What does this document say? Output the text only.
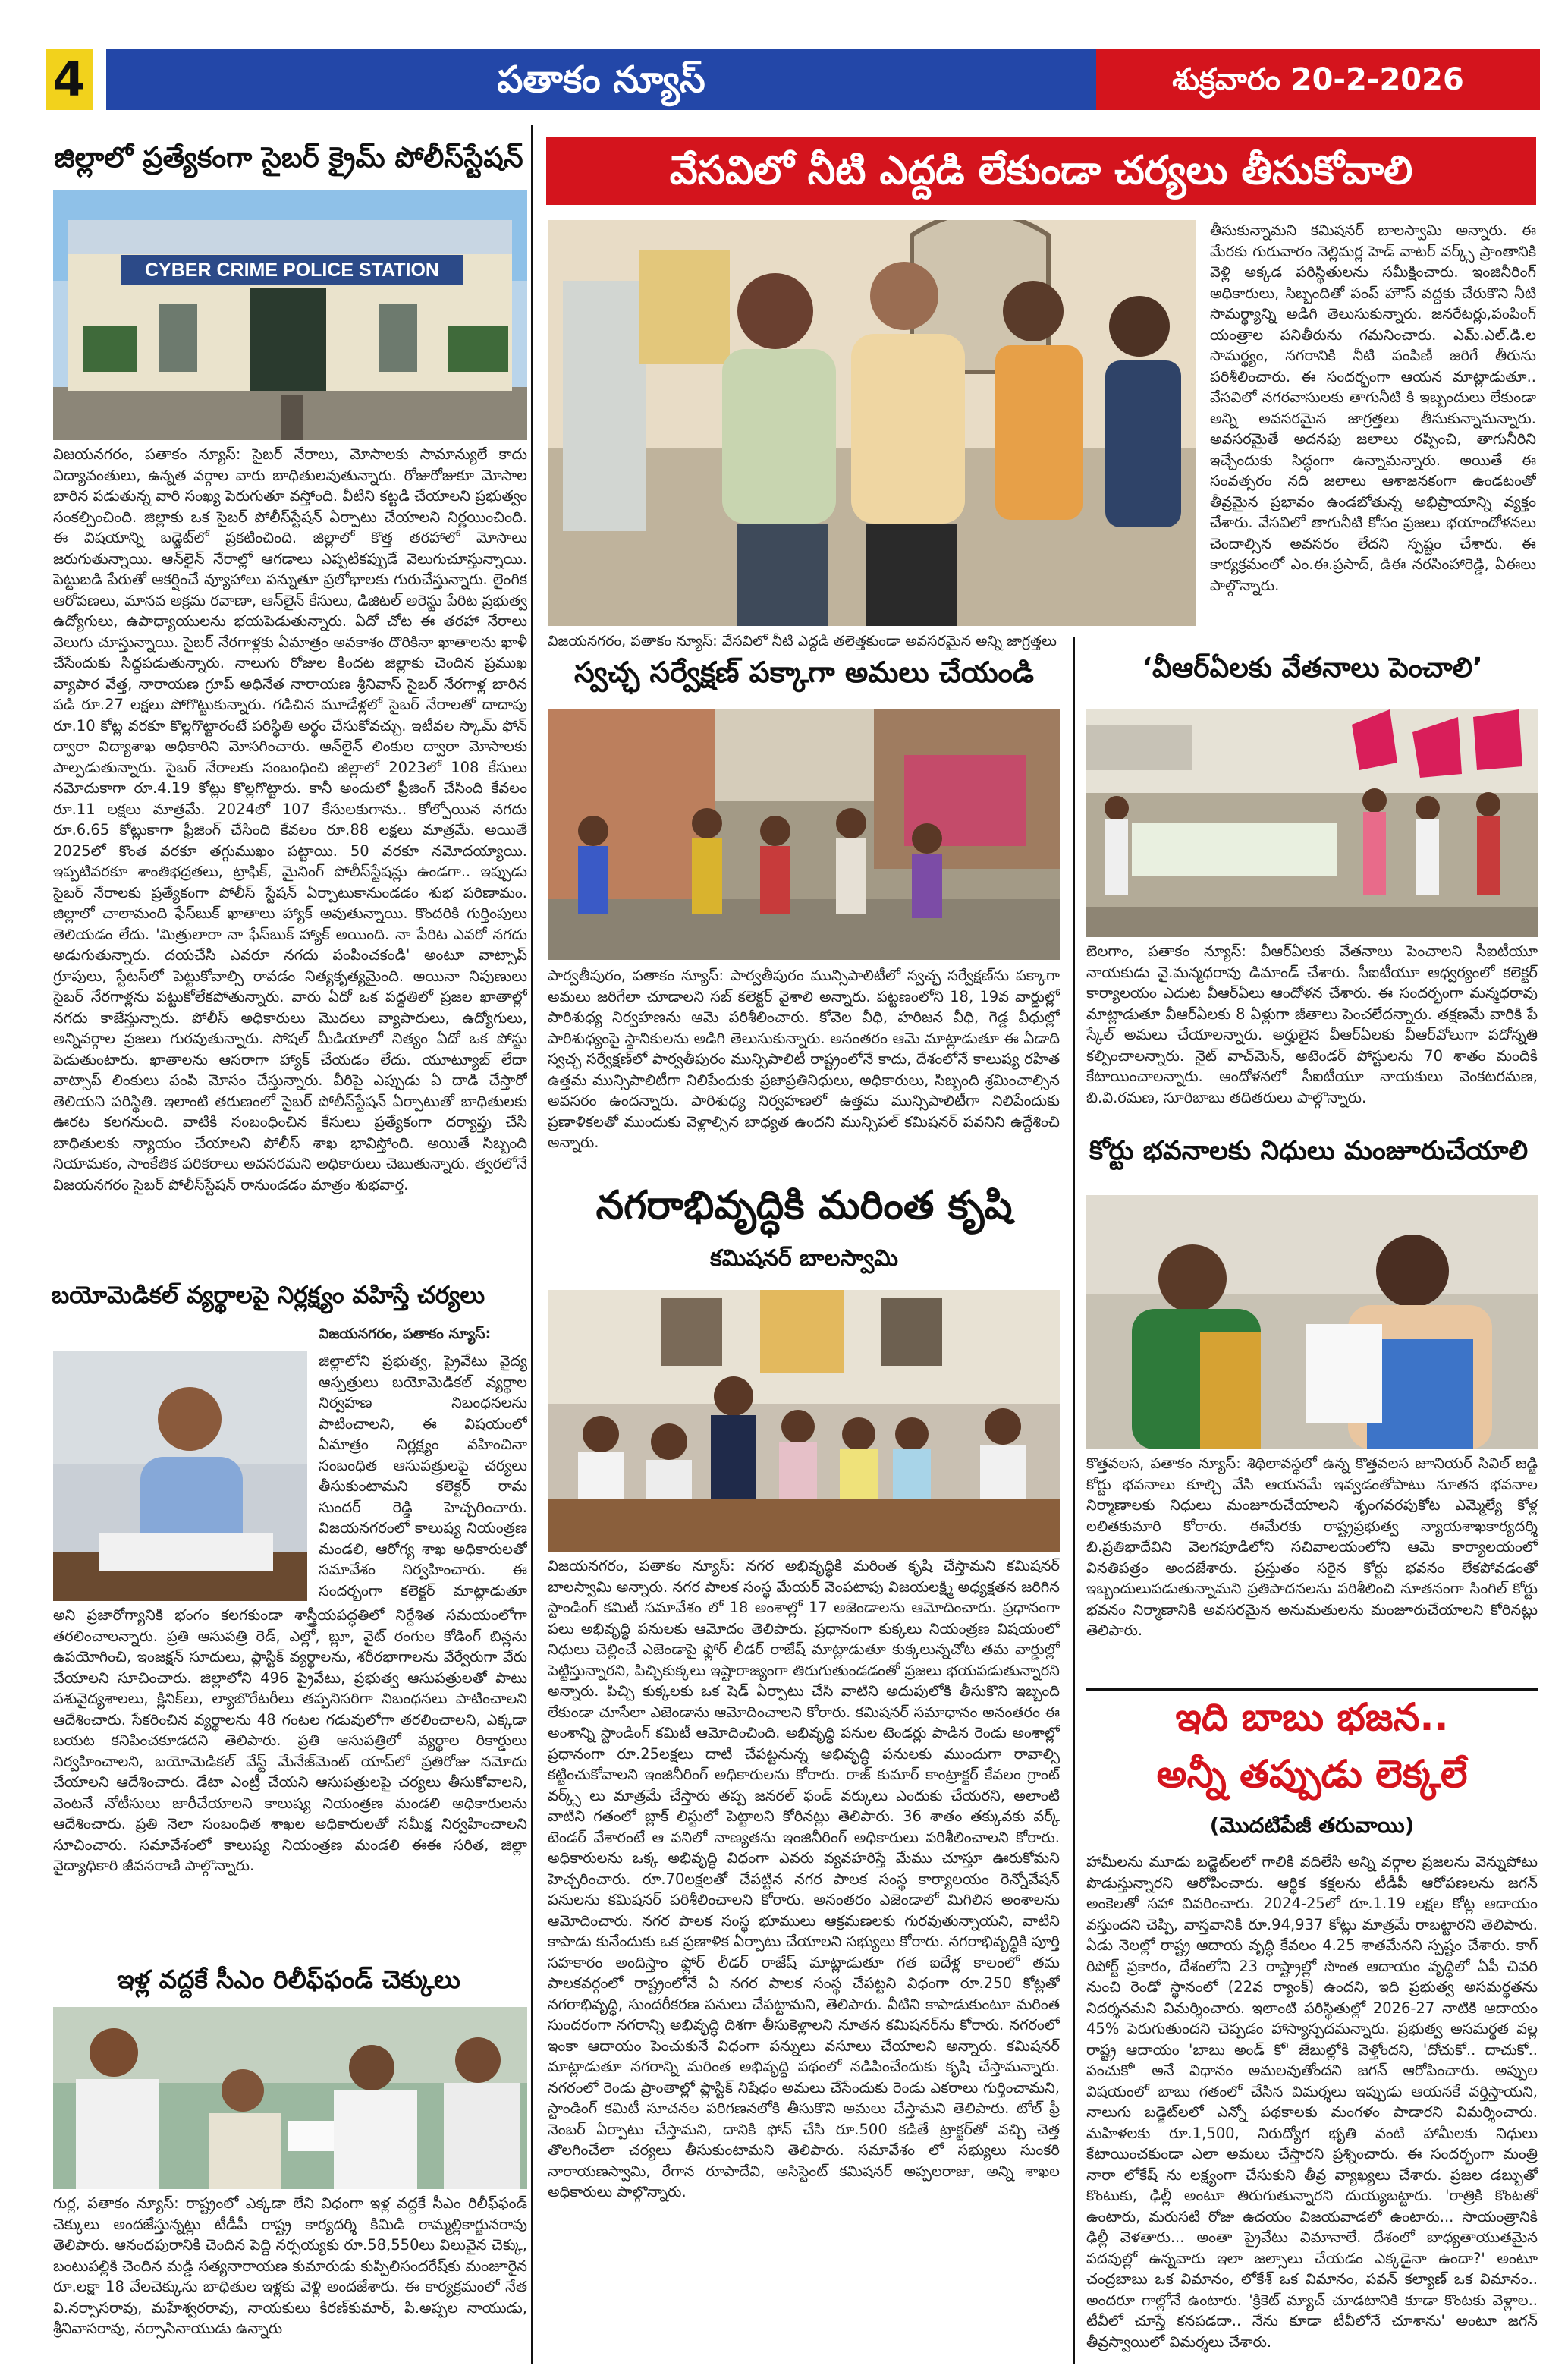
4	పతాకం న్యూస్	శుక్రవారం 20-2-2026
జిల్లాలో ప్రత్యేకంగా సైబర్ క్రైమ్ పోలీస్‌స్టేషన్
CYBER CRIME POLICE STATION
విజయనగరం, పతాకం న్యూస్: సైబర్ నేరాలు, మోసాలకు సామాన్యులే కాదు విద్యావంతులు, ఉన్నత వర్గాల వారు బాధితులవుతున్నారు. రోజురోజుకూ మోసాల బారిన పడుతున్న వారి సంఖ్య పెరుగుతూ వస్తోంది. వీటిని కట్టడి చేయాలని ప్రభుత్వం సంకల్పించింది. జిల్లాకు ఒక సైబర్ పోలీస్‌స్టేషన్ ఏర్పాటు చేయాలని నిర్ణయించింది. ఈ విషయాన్ని బడ్జెట్‌లో ప్రకటించింది. జిల్లాలో కొత్త తరహాలో మోసాలు జరుగుతున్నాయి. ఆన్‌లైన్ నేరాల్లో ఆగడాలు ఎప్పటికప్పుడే వెలుగుచూస్తున్నాయి. పెట్టుబడి పేరుతో ఆకర్షించే వ్యూహాలు పన్నుతూ ప్రలోభాలకు గురుచేస్తున్నారు. లైంగిక ఆరోపణలు, మానవ అక్రమ రవాణా, ఆన్‌లైన్ కేసులు, డిజిటల్ అరెస్టు పేరిట ప్రభుత్వ ఉద్యోగులు, ఉపాధ్యాయులను భయపెడుతున్నారు. ఏదో చోట ఈ తరహా నేరాలు వెలుగు చూస్తున్నాయి. సైబర్ నేరగాళ్లకు ఏమాత్రం అవకాశం దొరికినా ఖాతాలను ఖాళీ చేసేందుకు సిద్ధపడుతున్నారు. నాలుగు రోజుల కిందట జిల్లాకు చెందిన ప్రముఖ వ్యాపార వేత్త, నారాయణ గ్రూప్ అధినేత నారాయణ శ్రీనివాస్ సైబర్ నేరగాళ్ల బారిన పడి రూ.27 లక్షలు పోగొట్టుకున్నారు. గడిచిన మూడేళ్లలో సైబర్ నేరాలతో దాదాపు రూ.10 కోట్ల వరకూ కొల్లగొట్టారంటే పరిస్థితి అర్థం చేసుకోవచ్చు. ఇటీవల స్కామ్ ఫోన్ ద్వారా విద్యాశాఖ అధికారిని మోసగించారు. ఆన్‌లైన్ లింకుల ద్వారా మోసాలకు పాల్పడుతున్నారు. సైబర్ నేరాలకు సంబంధించి జిల్లాలో 2023లో 108 కేసులు నమోదుకాగా రూ.4.19 కోట్లు కొల్లగొట్టారు. కానీ అందులో ఫ్రీజింగ్ చేసింది కేవలం రూ.11 లక్షలు మాత్రమే. 2024లో 107 కేసులకుగాను.. కోల్పోయిన నగదు రూ.6.65 కోట్లుకాగా ఫ్రీజింగ్ చేసింది కేవలం రూ.88 లక్షలు మాత్రమే. అయితే 2025లో కొంత వరకూ తగ్గుముఖం పట్టాయి. 50 వరకూ నమోదయ్యాయి. ఇప్పటివరకూ శాంతిభద్రతలు, ట్రాఫిక్, మైనింగ్ పోలీస్‌స్టేషన్లు ఉండగా.. ఇప్పుడు సైబర్ నేరాలకు ప్రత్యేకంగా పోలీస్ స్టేషన్ ఏర్పాటుకానుండడం శుభ పరిణామం. జిల్లాలో చాలామంది ఫేస్‌బుక్ ఖాతాలు హ్యాక్ అవుతున్నాయి. కొందరికి గుర్తింపులు తెలియడం లేదు. 'మిత్రులారా నా ఫేస్‌బుక్ హ్యాక్ అయింది. నా పేరిట ఎవరో నగదు అడుగుతున్నారు. దయచేసి ఎవరూ నగదు పంపించకండి' అంటూ వాట్సాప్ గ్రూపులు, స్టేటస్‌లో పెట్టుకోవాల్సి రావడం నిత్యకృత్యమైంది. అయినా నిపుణులు సైబర్ నేరగాళ్లను పట్టుకోలేకపోతున్నారు. వారు ఏదో ఒక పద్ధతిలో ప్రజల ఖాతాల్లో నగదు కాజేస్తున్నారు. పోలీస్ అధికారులు మొదలు వ్యాపారులు, ఉద్యోగులు, అన్నివర్గాల ప్రజలు గురవుతున్నారు. సోషల్ మీడియాలో నిత్యం ఏదో ఒక పోస్టు పెడుతుంటారు. ఖాతాలను ఆసరాగా హ్యాక్ చేయడం లేదు. యూట్యూబ్ లేదా వాట్సాప్ లింకులు పంపి మోసం చేస్తున్నారు. వీరిపై ఎప్పుడు ఏ దాడి చేస్తారో తెలియని పరిస్థితి. ఇలాంటి తరుణంలో సైబర్ పోలీస్‌స్టేషన్ ఏర్పాటుతో బాధితులకు ఊరట కలగనుంది. వాటికి సంబంధించిన కేసులు ప్రత్యేకంగా దర్యాప్తు చేసి బాధితులకు న్యాయం చేయాలని పోలీస్ శాఖ భావిస్తోంది. అయితే సిబ్బంది నియామకం, సాంకేతిక పరికరాలు అవసరమని అధికారులు చెబుతున్నారు. త్వరలోనే విజయనగరం సైబర్ పోలీస్‌స్టేషన్ రానుండడం మాత్రం శుభవార్త.
బయోమెడికల్ వ్యర్థాలపై నిర్లక్ష్యం వహిస్తే చర్యలు
విజయనగరం, పతాకం న్యూస్:
జిల్లాలోని ప్రభుత్వ, ప్రైవేటు వైద్య ఆస్పత్రులు బయోమెడికల్ వ్యర్థాల నిర్వహణ నిబంధనలను పాటించాలని, ఈ విషయంలో ఏమాత్రం నిర్లక్ష్యం వహించినా సంబంధిత ఆసుపత్రులపై చర్యలు తీసుకుంటామని కలెక్టర్ రామ సుందర్ రెడ్డి హెచ్చరించారు. విజయనగరంలో కాలుష్య నియంత్రణ మండలి, ఆరోగ్య శాఖ అధికారులతో సమావేశం నిర్వహించారు. ఈ సందర్భంగా కలెక్టర్ మాట్లాడుతూ
అని ప్రజారోగ్యానికి భంగం కలగకుండా శాస్త్రీయపద్ధతిలో నిర్దేశిత సమయంలోగా తరలించాలన్నారు. ప్రతి ఆసుపత్రి రెడ్, ఎల్లో, బ్లూ, వైట్ రంగుల కోడింగ్ బిన్లను ఉపయోగించి, ఇంజక్షన్ సూదులు, ప్లాస్టిక్ వ్యర్థాలను, శరీరభాగాలను వేర్వేరుగా వేరు చేయాలని సూచించారు. జిల్లాలోని 496 ప్రైవేటు, ప్రభుత్వ ఆసుపత్రులతో పాటు పశువైద్యశాలలు, క్లినిక్‌లు, ల్యాబొరేటరీలు తప్పనిసరిగా నిబంధనలు పాటించాలని ఆదేశించారు. సేకరించిన వ్యర్థాలను 48 గంటల గడువులోగా తరలించాలని, ఎక్కడా బయట కనిపించకూడదని తెలిపారు. ప్రతి ఆసుపత్రిలో వ్యర్థాల రికార్డులు నిర్వహించాలని, బయోమెడికల్ వేస్ట్ మేనేజ్‌మెంట్ యాప్‌లో ప్రతిరోజు నమోదు చేయాలని ఆదేశించారు. డేటా ఎంట్రీ చేయని ఆసుపత్రులపై చర్యలు తీసుకోవాలని, వెంటనే నోటీసులు జారీచేయాలని కాలుష్య నియంత్రణ మండలి అధికారులను ఆదేశించారు. ప్రతి నెలా సంబంధిత శాఖల అధికారులతో సమీక్ష నిర్వహించాలని సూచించారు. సమావేశంలో కాలుష్య నియంత్రణ మండలి ఈఈ సరిత, జిల్లా వైద్యాధికారి జీవనరాణి పాల్గొన్నారు.
ఇళ్ల వద్దకే సీఎం రిలీఫ్‌ఫండ్ చెక్కులు
గుర్ల, పతాకం న్యూస్: రాష్ట్రంలో ఎక్కడా లేని విధంగా ఇళ్ల వద్దకే సీఎం రిలీఫ్‌ఫండ్ చెక్కులు అందజేస్తున్నట్లు టీడీపీ రాష్ట్ర కార్యదర్శి కిమిడి రామ్మల్లికార్జునరావు తెలిపారు. ఆనందపురానికి చెందిన పెద్ది నర్సయ్యకు రూ.58,550లు విలువైన చెక్కు, బంటుపల్లికి చెందిన మడ్డి సత్యనారాయణ కుమారుడు కుప్పిలిసందరేష్‌కు మంజూరైన రూ.లక్షా 18 వేలచెక్కును బాధితుల ఇళ్లకు వెళ్లి అందజేశారు. ఈ కార్యక్రమంలో నేత వి.నర్సాసరావు, మహేశ్వరరావు, నాయకులు కిరణ్‌కుమార్, పి.అప్పల నాయుడు, శ్రీనివాసరావు, నర్సాసినాయుడు ఉన్నారు
వేసవిలో నీటి ఎద్దడి లేకుండా చర్యలు తీసుకోవాలి
విజయనగరం, పతాకం న్యూస్: వేసవిలో నీటి ఎద్దడి తలెత్తకుండా అవసరమైన అన్ని జాగ్రత్తలు
తీసుకున్నామని కమిషనర్ బాలస్వామి అన్నారు. ఈ మేరకు గురువారం నెల్లిమర్ల హెడ్ వాటర్ వర్క్స్ ప్రాంతానికి వెళ్లి అక్కడ పరిస్థితులను సమీక్షించారు. ఇంజినీరింగ్ అధికారులు, సిబ్బందితో పంప్ హౌస్ వద్దకు చేరుకొని నీటి సామర్థ్యాన్ని అడిగి తెలుసుకున్నారు. జనరేటర్లు,పంపింగ్ యంత్రాల పనితీరును గమనించారు. ఎమ్.ఎల్.డి.ల సామర్థ్యం, నగరానికి నీటి పంపిణీ జరిగే తీరును పరిశీలించారు. ఈ సందర్భంగా ఆయన మాట్లాడుతూ.. వేసవిలో నగరవాసులకు తాగునీటి కి ఇబ్బందులు లేకుండా అన్ని అవసరమైన జాగ్రత్తలు తీసుకున్నామన్నారు. అవసరమైతే అదనపు జలాలు రప్పించి, తాగునీరిని ఇచ్చేందుకు సిద్ధంగా ఉన్నామన్నారు. అయితే ఈ సంవత్సరం నది జలాలు ఆశాజనకంగా ఉండటంతో తీవ్రమైన ప్రభావం ఉండబోతున్న అభిప్రాయాన్ని వ్యక్తం చేశారు. వేసవిలో తాగునీటి కోసం ప్రజలు భయాందోళనలు చెందాల్సిన అవసరం లేదని స్పష్టం చేశారు. ఈ కార్యక్రమంలో ఎం.ఈ.ప్రసాద్, డిఈ నరసింహారెడ్డి, ఏఈలు పాల్గొన్నారు.
స్వచ్ఛ సర్వేక్షణ్ పక్కాగా అమలు చేయండి
పార్వతీపురం, పతాకం న్యూస్: పార్వతీపురం మున్సిపాలిటీలో స్వచ్ఛ సర్వేక్షణ్‌ను పక్కాగా అమలు జరిగేలా చూడాలని సబ్ కలెక్టర్ వైశాలి అన్నారు. పట్టణంలోని 18, 19వ వార్డుల్లో పారిశుధ్య నిర్వహణను ఆమె పరిశీలించారు. కోవెల వీధి, హరిజన వీధి, గెడ్డ వీధుల్లో పారిశుధ్యంపై స్థానికులను అడిగి తెలుసుకున్నారు. అనంతరం ఆమె మాట్లాడుతూ ఈ ఏడాది స్వచ్ఛ సర్వేక్షణ్‌లో పార్వతీపురం మున్సిపాలిటీ రాష్ట్రంలోనే కాదు, దేశంలోనే కాలుష్య రహిత ఉత్తమ మున్సిపాలిటీగా నిలిపేందుకు ప్రజాప్రతినిధులు, అధికారులు, సిబ్బంది శ్రమించాల్సిన అవసరం ఉందన్నారు. పారిశుధ్య నిర్వహణలో ఉత్తమ మున్సిపాలిటీగా నిలిపేందుకు ప్రణాళికలతో ముందుకు వెళ్లాల్సిన బాధ్యత ఉందని మున్సిపల్ కమిషనర్ పవనిని ఉద్దేశించి అన్నారు.
నగరాభివృద్ధికి మరింత కృషి
కమిషనర్ బాలస్వామి
విజయనగరం, పతాకం న్యూస్: నగర అభివృద్ధికి మరింత కృషి చేస్తామని కమిషనర్ బాలస్వామి అన్నారు. నగర పాలక సంస్థ మేయర్ వెంపటాపు విజయలక్ష్మి అధ్యక్షతన జరిగిన స్టాండింగ్ కమిటీ సమావేశం లో 18 అంశాల్లో 17 అజెండాలను ఆమోదించారు. ప్రధానంగా పలు అభివృద్ధి పనులకు ఆమోదం తెలిపారు. ప్రధానంగా కుక్కలు నియంత్రణ విషయంలో నిధులు చెల్లించే ఎజెండాపై ఫ్లోర్ లీడర్ రాజేష్ మాట్లాడుతూ కుక్కలున్నచోట తమ వార్డుల్లో పెట్టిస్తున్నారని, పిచ్చికుక్కలు ఇష్టారాజ్యంగా తిరుగుతుండడంతో ప్రజలు భయపడుతున్నారని అన్నారు. పిచ్చి కుక్కలకు ఒక షెడ్ ఏర్పాటు చేసి వాటిని అదుపులోకి తీసుకొని ఇబ్బంది లేకుండా చూసేలా ఎజెండాను ఆమోదించాలని కోరారు. కమిషనర్ సమాధానం అనంతరం ఈ అంశాన్ని స్టాండింగ్ కమిటీ ఆమోదించింది. అభివృద్ధి పనుల టెండర్లు పాడిన రెండు అంశాల్లో ప్రధానంగా రూ.25లక్షలు దాటి చేపట్టనున్న అభివృద్ధి పనులకు ముందుగా రావాల్సి కట్టించుకోవాలని ఇంజినీరింగ్ అధికారులను కోరారు. రాజ్ కుమార్ కాంట్రాక్టర్ కేవలం గ్రాంట్ వర్క్స్ లు మాత్రమే చేస్తారు తప్ప జనరల్ ఫండ్ వర్కులు ఎందుకు చేయరని, అలాంటి వాటిని గతంలో బ్లాక్ లిస్టులో పెట్టాలని కోరినట్లు తెలిపారు. 36 శాతం తక్కువకు వర్క్ టెండర్ వేశారంటే ఆ పనిలో నాణ్యతను ఇంజినీరింగ్ అధికారులు పరిశీలించాలని కోరారు. అధికారులను ఒక్క అభివృద్ధి విధంగా ఎవరు వ్యవహరిస్తే మేము చూస్తూ ఊరుకోమని హెచ్చరించారు. రూ.70లక్షలతో చేపట్టిన నగర పాలక సంస్థ కార్యాలయం రెన్నోవేషన్ పనులను కమిషనర్ పరిశీలించాలని కోరారు. అనంతరం ఎజెండాలో మిగిలిన అంశాలను ఆమోదించారు. నగర పాలక సంస్థ భూములు ఆక్రమణలకు గురవుతున్నాయని, వాటిని కాపాడు కునేందుకు ఒక ప్రణాళిక ఏర్పాటు చేయాలని సభ్యులు కోరారు. నగరాభివృద్ధికి పూర్తి సహకారం అందిస్తాం ఫ్లోర్ లీడర్ రాజేష్ మాట్లాడుతూ గత ఐదేళ్ల కాలంలో తమ పాలకవర్గంలో రాష్ట్రంలోనే ఏ నగర పాలక సంస్థ చేపట్టని విధంగా రూ.250 కోట్లతో నగరాభివృద్ధి, సుందరీకరణ పనులు చేపట్టామని, తెలిపారు. వీటిని కాపాడుకుంటూ మరింత సుందరంగా నగరాన్ని అభివృద్ధి దిశగా తీసుకెళ్లాలని నూతన కమిషనర్‌ను కోరారు. నగరంలో ఇంకా ఆదాయం పెంచుకునే విధంగా పన్నులు వసూలు చేయాలని అన్నారు. కమిషనర్ మాట్లాడుతూ నగరాన్ని మరింత అభివృద్ధి పథంలో నడిపించేందుకు కృషి చేస్తామన్నారు. నగరంలో రెండు ప్రాంతాల్లో ప్లాస్టిక్ నిషేధం అమలు చేసేందుకు రెండు ఎకరాలు గుర్తించామని, స్టాండింగ్ కమిటీ సూచనల పరిగణనలోకి తీసుకొని అమలు చేస్తామని తెలిపారు. టోల్ ఫ్రీ నెంబర్ ఏర్పాటు చేస్తామని, దానికి ఫోన్ చేసి రూ.500 కడితే ట్రాక్టర్‌తో వచ్చి చెత్త తొలగించేలా చర్యలు తీసుకుంటామని తెలిపారు. సమావేశం లో సభ్యులు సుంకరి నారాయణస్వామి, రేగాన రూపాదేవి, అసిస్టెంట్ కమిషనర్ అప్పలరాజు, అన్ని శాఖల అధికారులు పాల్గొన్నారు.
‘వీఆర్‌ఏలకు వేతనాలు పెంచాలి’
బెలగాం, పతాకం న్యూస్: వీఆర్‌ఏలకు వేతనాలు పెంచాలని సీఐటీయూ నాయకుడు వై.మన్మధరావు డిమాండ్ చేశారు. సీఐటీయూ ఆధ్వర్యంలో కలెక్టర్ కార్యాలయం ఎదుట వీఆర్‌ఏలు ఆందోళన చేశారు. ఈ సందర్భంగా మన్మధరావు మాట్లాడుతూ వీఆర్‌ఏలకు 8 ఏళ్లుగా జీతాలు పెంచలేదన్నారు. తక్షణమే వారికి పే స్కేల్ అమలు చేయాలన్నారు. అర్హులైన వీఆర్‌ఏలకు వీఆర్‌వోలుగా పదోన్నతి కల్పించాలన్నారు. నైట్ వాచ్‌మెన్, అటెండర్ పోస్టులను 70 శాతం మందికి కేటాయించాలన్నారు. ఆందోళనలో సీఐటీయూ నాయకులు వెంకటరమణ, బి.వి.రమణ, సూరిబాబు తదితరులు పాల్గొన్నారు.
కోర్టు భవనాలకు నిధులు మంజూరుచేయాలి
కొత్తవలస, పతాకం న్యూస్: శిథిలావస్థలో ఉన్న కొత్తవలస జూనియర్ సివిల్ జడ్జి కోర్టు భవనాలు కూల్చి వేసి ఆయనమే ఇవ్వడంతోపాటు నూతన భవనాల నిర్మాణాలకు నిధులు మంజూరుచేయాలని శృంగవరపుకోట ఎమ్మెల్యే కోళ్ల లలితకుమారి కోరారు. ఈమేరకు రాష్ట్రప్రభుత్వ న్యాయశాఖకార్యదర్శి బి.ప్రతిభాదేవిని వెలగపూడిలోని సచివాలయంలోని ఆమె కార్యాలయంలో వినతిపత్రం అందజేశారు. ప్రస్తుతం సరైన కోర్టు భవనం లేకపోవడంతో ఇబ్బందులుపడుతున్నామని ప్రతిపాదనలను పరిశీలించి నూతనంగా సింగిల్ కోర్టు భవనం నిర్మాణానికి అవసరమైన అనుమతులను మంజూరుచేయాలని కోరినట్లు తెలిపారు.
ఇది బాబు భజన..
అన్నీ తప్పుడు లెక్కలే
(మొదటిపేజీ తరువాయి)
హామీలను మూడు బడ్జెట్‌లలో గాలికి వదిలేసి అన్ని వర్గాల ప్రజలను వెన్నుపోటు పొడుస్తున్నారని ఆరోపించారు. ఆర్థిక కక్షలను టీడీపీ ఆరోపణలను జగన్ అంకెలతో సహా వివరించారు. 2024-25లో రూ.1.19 లక్షల కోట్ల ఆదాయం వస్తుందని చెప్పి, వాస్తవానికి రూ.94,937 కోట్లు మాత్రమే రాబట్టారని తెలిపారు. ఏడు నెలల్లో రాష్ట్ర ఆదాయ వృద్ధి కేవలం 4.25 శాతమేనని స్పష్టం చేశారు. కాగ్ రిపోర్ట్ ప్రకారం, దేశంలోని 23 రాష్ట్రాల్లో సొంత ఆదాయం వృద్ధిలో ఏపీ చివరి నుంచి రెండో స్థానంలో (22వ ర్యాంక్) ఉందని, ఇది ప్రభుత్వ అసమర్థతను నిదర్శనమని విమర్శించారు. ఇలాంటి పరిస్థితుల్లో 2026-27 నాటికి ఆదాయం 45% పెరుగుతుందని చెప్పడం హాస్యాస్పదమన్నారు. ప్రభుత్వ అసమర్థత వల్ల రాష్ట్ర ఆదాయం 'బాబు అండ్ కో' జేబుల్లోకి వెళ్తోందని, 'దోచుకో.. దాచుకో.. పంచుకో' అనే విధానం అమలవుతోందని జగన్ ఆరోపించారు. అప్పుల విషయంలో బాబు గతంలో చేసిన విమర్శలు ఇప్పుడు ఆయనకే వర్తిస్తాయని, నాలుగు బడ్జెట్‌లలో ఎన్నో పథకాలకు మంగళం పాడారని విమర్శించారు. మహిళలకు రూ.1,500, నిరుద్యోగ భృతి వంటి హామీలకు నిధులు కేటాయించకుండా ఎలా అమలు చేస్తారని ప్రశ్నించారు. ఈ సందర్భంగా మంత్రి నారా లోకేష్ ను లక్ష్యంగా చేసుకుని తీవ్ర వ్యాఖ్యలు చేశారు. ప్రజల డబ్బుతో కొంటుకు, ఢిల్లీ అంటూ తిరుగుతున్నారని దుయ్యబట్టారు. 'రాత్రికి కొంటతో ఉంటారు, మరుసటి రోజు ఉదయం విజయవాడలో ఉంటారు... సాయంత్రానికి ఢిల్లీ వెళతారు... అంతా ప్రైవేటు విమానాలే. దేశంలో బాధ్యతాయుతమైన పదవుల్లో ఉన్నవారు ఇలా జల్సాలు చేయడం ఎక్కడైనా ఉందా?' అంటూ చంద్రబాబు ఒక విమానం, లోకేశ్ ఒక విమానం, పవన్ కల్యాణ్ ఒక విమానం.. అందరూ గాల్లోనే ఉంటారు. 'క్రికెట్ మ్యాచ్ చూడటానికి కూడా కొంటకు వెళ్లాల.. టీవీలో చూస్తే కనపడదా.. నేను కూడా టీవీలోనే చూశాను' అంటూ జగన్ తీవ్రస్వాయిలో విమర్శలు చేశారు.
